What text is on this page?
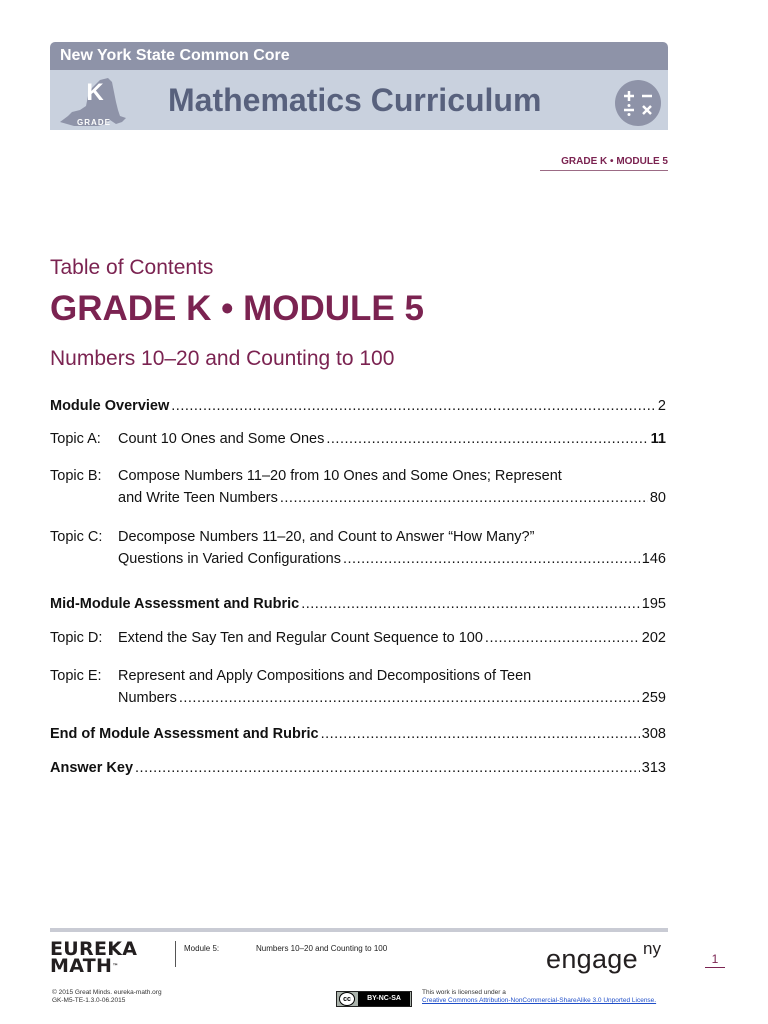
New York State Common Core
K
GRADE
Mathematics Curriculum
GRADE K • MODULE 5
Table of Contents
GRADE K • MODULE 5
Numbers 10–20 and Counting to 100
Module Overview .....	2
Topic A:	Count 10 Ones and Some Ones .....	11
Topic B:	Compose Numbers 11–20 from 10 Ones and Some Ones; Represent
and Write Teen Numbers .....	80
Topic C:	Decompose Numbers 11–20, and Count to Answer “How Many?”
Questions in Varied Configurations .....	146
Mid-Module Assessment and Rubric .....	195
Topic D:	Extend the Say Ten and Regular Count Sequence to 100 .....	202
Topic E:	Represent and Apply Compositions and Decompositions of Teen
Numbers .....	259
End of Module Assessment and Rubric .....	308
Answer Key .....	313
EUREKA
MATH™
Module 5:	Numbers 10–20 and Counting to 100	engage ny
1
© 2015 Great Minds. eureka-math.org
GK-M5-TE-1.3.0-06.2015	cc	BY-NC-SA
This work is licensed under a
Creative Commons Attribution-NonCommercial-ShareAlike 3.0 Unported License.
